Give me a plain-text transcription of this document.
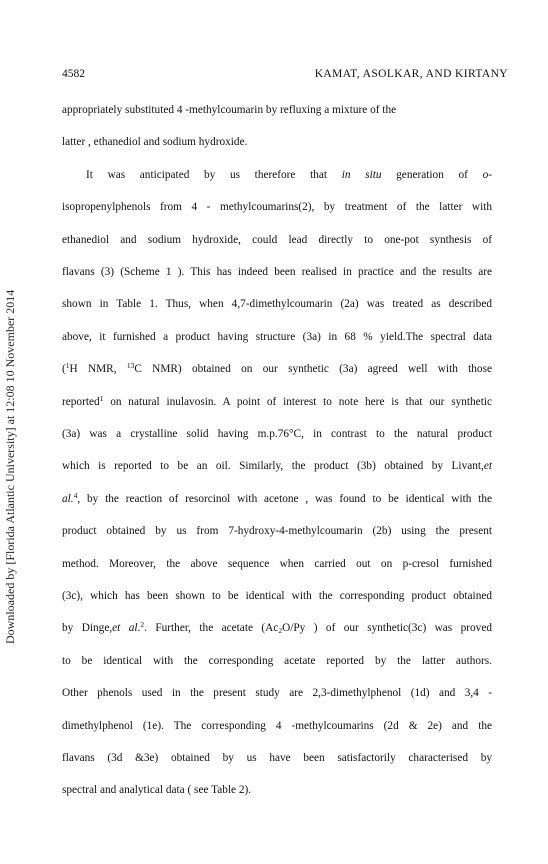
4582	KAMAT, ASOLKAR, AND KIRTANY
Downloaded by [Florida Atlantic University] at 12:08 10 November 2014
appropriately substituted 4 -methylcoumarin by refluxing a mixture of the
latter , ethanediol and sodium hydroxide.
It was anticipated by us therefore that in situ generation of o-
isopropenylphenols from 4 - methylcoumarins(2), by treatment of the latter with
ethanediol and sodium hydroxide, could lead directly to one-pot synthesis of
flavans (3) (Scheme 1 ). This has indeed been realised in practice and the results are
shown in Table 1. Thus, when 4,7-dimethylcoumarin (2a) was treated as described
above, it furnished a product having structure (3a) in 68 % yield.The spectral data
($^1$H NMR, $^{13}$C NMR) obtained on our synthetic (3a) agreed well with those
reported$^1$ on natural inulavosin. A point of interest to note here is that our synthetic
(3a) was a crystalline solid having m.p.76°C, in contrast to the natural product
which is reported to be an oil. Similarly, the product (3b) obtained by Livant,et
al.$^4$, by the reaction of resorcinol with acetone , was found to be identical with the
product obtained by us from 7-hydroxy-4-methylcoumarin (2b) using the present
method. Moreover, the above sequence when carried out on p-cresol furnished
(3c), which has been shown to be identical with the corresponding product obtained
by Dinge,et al.$^2$. Further, the acetate ($Ac_2O/Py$ ) of our synthetic(3c) was proved
to be identical with the corresponding acetate reported by the latter authors.
Other phenols used in the present study are 2,3-dimethylphenol (1d) and 3,4 -
dimethylphenol (1e). The corresponding 4 -methylcoumarins (2d & 2e) and the
flavans (3d &3e) obtained by us have been satisfactorily characterised by
spectral and analytical data ( see Table 2).
